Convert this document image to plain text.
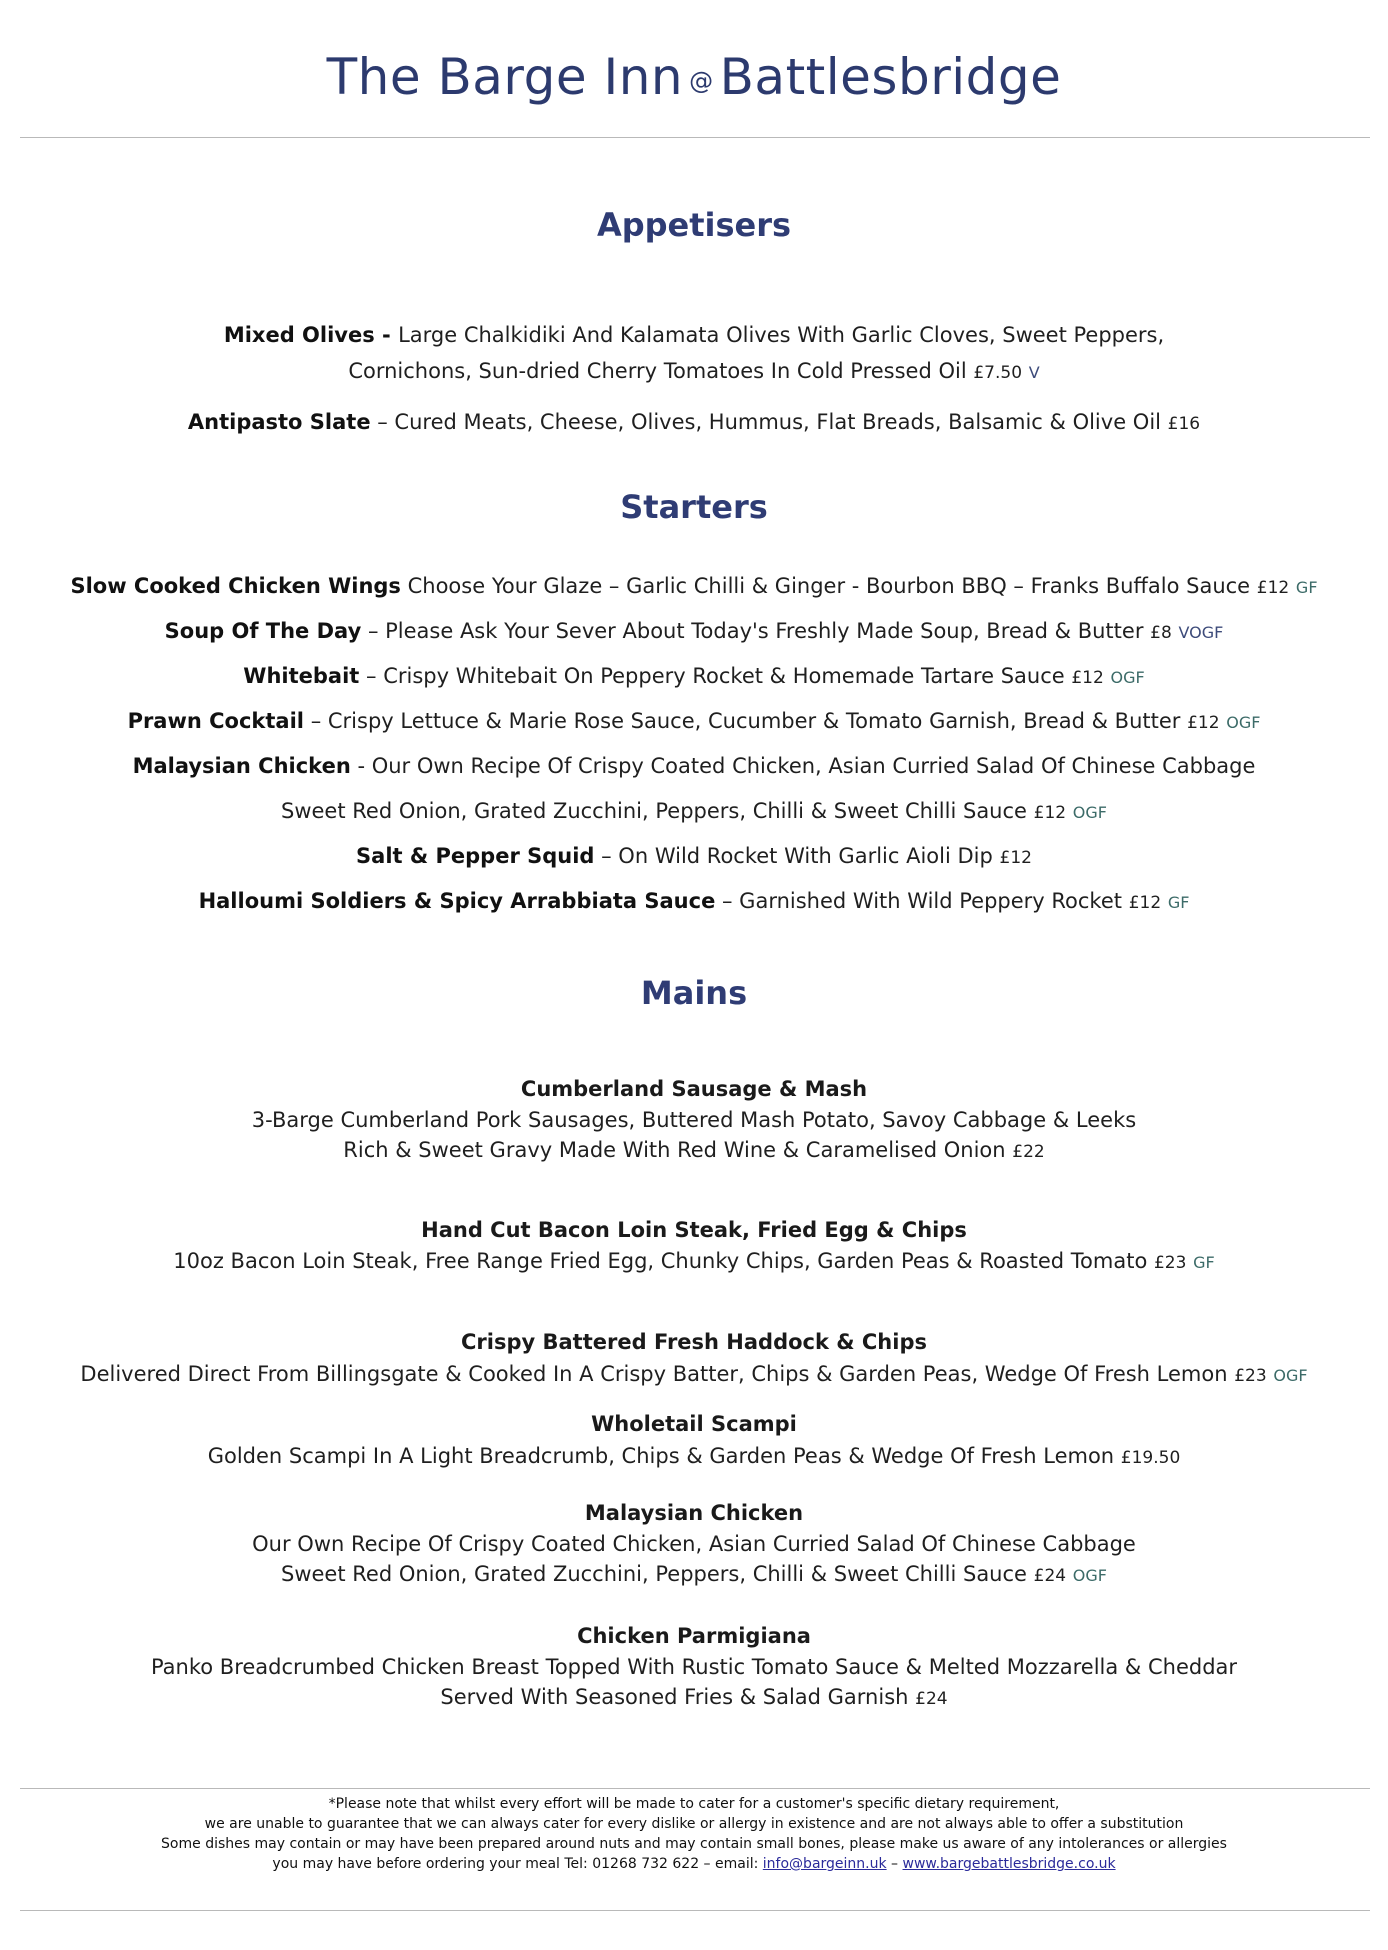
The Barge Inn @ Battlesbridge
Appetisers
Mixed Olives - Large Chalkidiki And Kalamata Olives With Garlic Cloves, Sweet Peppers,
Cornichons, Sun-dried Cherry Tomatoes In Cold Pressed Oil £7.50 V
Antipasto Slate – Cured Meats, Cheese, Olives, Hummus, Flat Breads, Balsamic & Olive Oil £16
Starters
Slow Cooked Chicken Wings Choose Your Glaze – Garlic Chilli & Ginger - Bourbon BBQ – Franks Buffalo Sauce £12 GF
Soup Of The Day – Please Ask Your Sever About Today's Freshly Made Soup, Bread & Butter £8 VOGF
Whitebait – Crispy Whitebait On Peppery Rocket & Homemade Tartare Sauce £12 OGF
Prawn Cocktail – Crispy Lettuce & Marie Rose Sauce, Cucumber & Tomato Garnish, Bread & Butter £12 OGF
Malaysian Chicken - Our Own Recipe Of Crispy Coated Chicken, Asian Curried Salad Of Chinese Cabbage
Sweet Red Onion, Grated Zucchini, Peppers, Chilli & Sweet Chilli Sauce £12 OGF
Salt & Pepper Squid – On Wild Rocket With Garlic Aioli Dip £12
Halloumi Soldiers & Spicy Arrabbiata Sauce – Garnished With Wild Peppery Rocket £12 GF
Mains
Cumberland Sausage & Mash
3-Barge Cumberland Pork Sausages, Buttered Mash Potato, Savoy Cabbage & Leeks
Rich & Sweet Gravy Made With Red Wine & Caramelised Onion £22
Hand Cut Bacon Loin Steak, Fried Egg & Chips
10oz Bacon Loin Steak, Free Range Fried Egg, Chunky Chips, Garden Peas & Roasted Tomato £23 GF
Crispy Battered Fresh Haddock & Chips
Delivered Direct From Billingsgate & Cooked In A Crispy Batter, Chips & Garden Peas, Wedge Of Fresh Lemon £23 OGF
Wholetail Scampi
Golden Scampi In A Light Breadcrumb, Chips & Garden Peas & Wedge Of Fresh Lemon £19.50
Malaysian Chicken
Our Own Recipe Of Crispy Coated Chicken, Asian Curried Salad Of Chinese Cabbage
Sweet Red Onion, Grated Zucchini, Peppers, Chilli & Sweet Chilli Sauce £24 OGF
Chicken Parmigiana
Panko Breadcrumbed Chicken Breast Topped With Rustic Tomato Sauce & Melted Mozzarella & Cheddar
Served With Seasoned Fries & Salad Garnish £24
*Please note that whilst every effort will be made to cater for a customer's specific dietary requirement,
we are unable to guarantee that we can always cater for every dislike or allergy in existence and are not always able to offer a substitution
Some dishes may contain or may have been prepared around nuts and may contain small bones, please make us aware of any intolerances or allergies
you may have before ordering your meal Tel: 01268 732 622 – email: info@bargeinn.uk – www.bargebattlesbridge.co.uk
